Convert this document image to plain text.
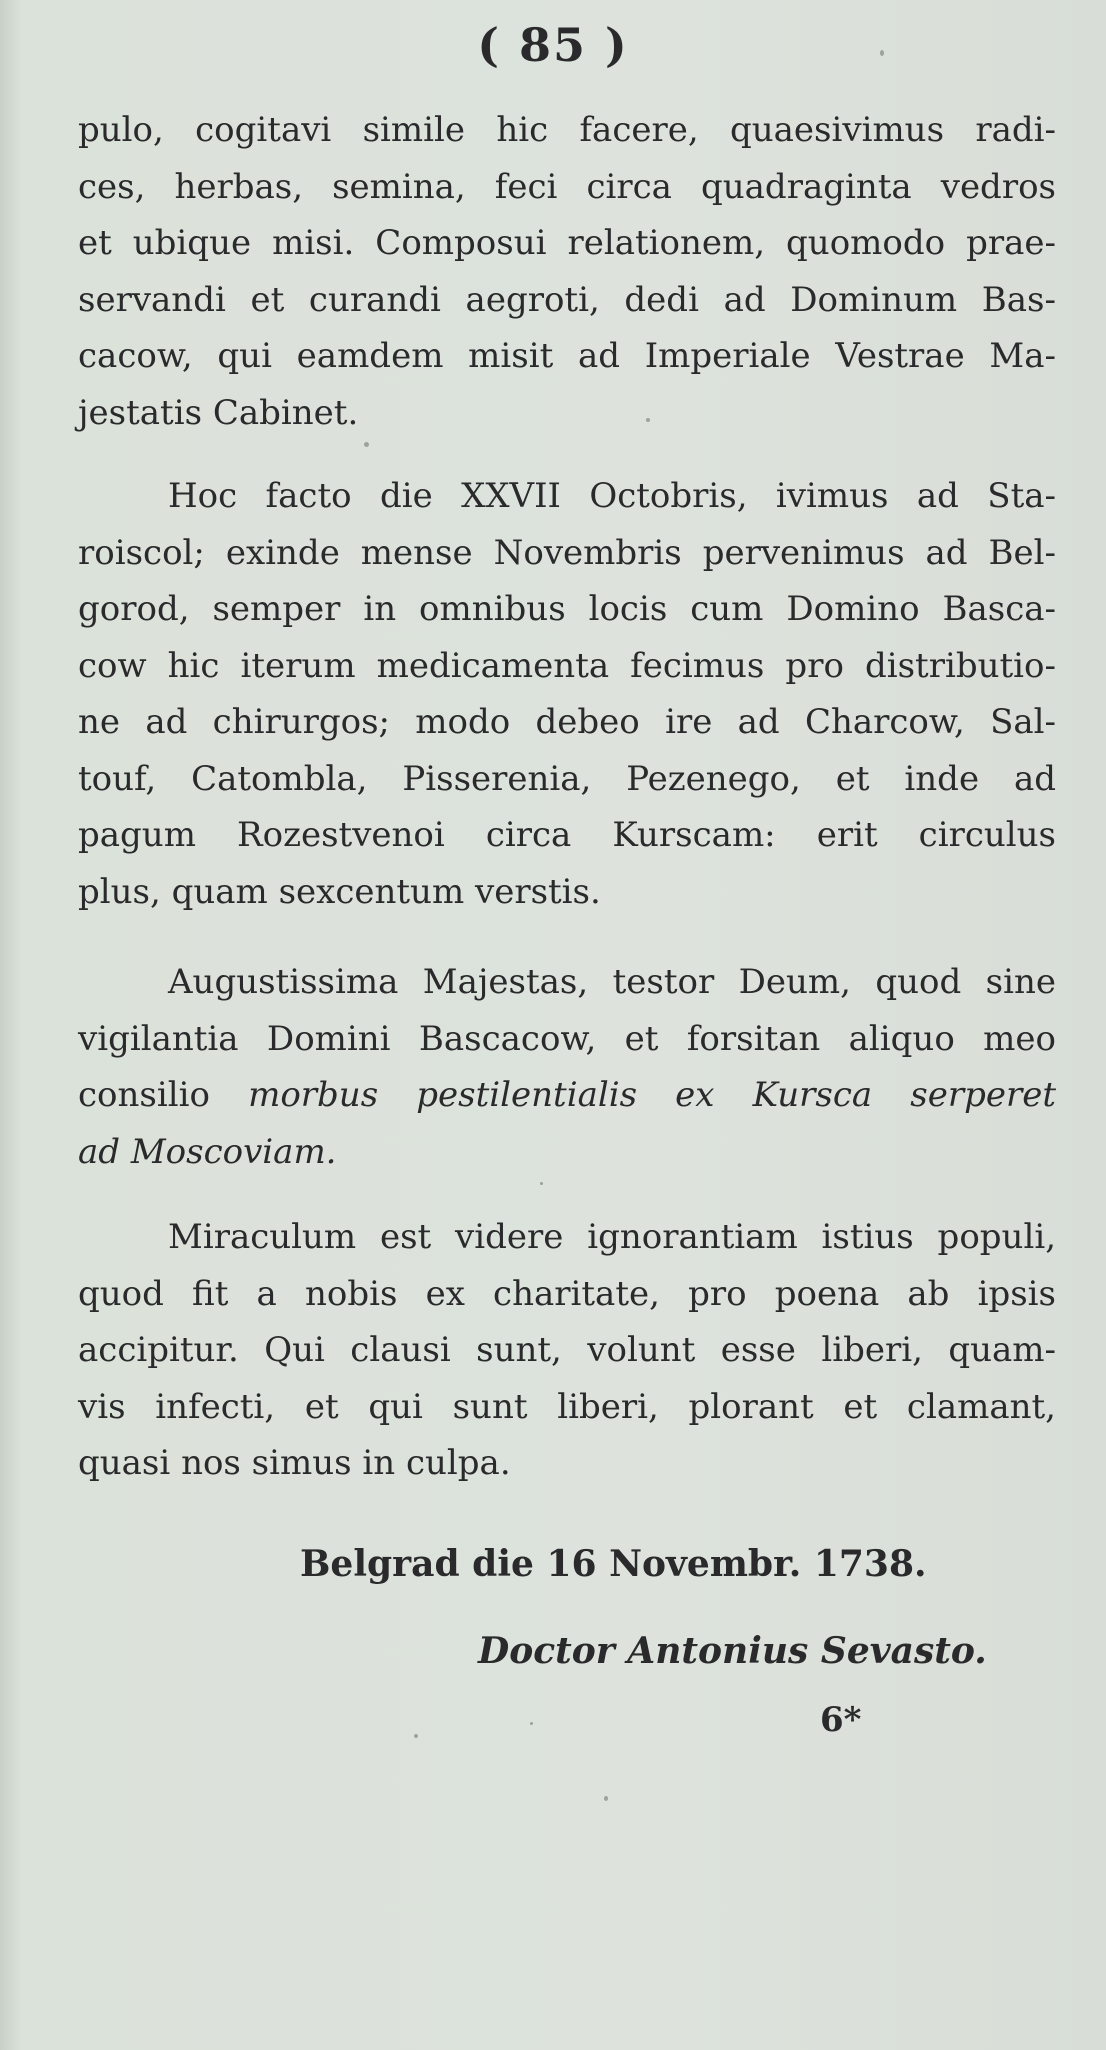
( 85 )
pulo, cogitavi simile hic facere, quaesivimus radi-
ces, herbas, semina, feci circa quadraginta vedros
et ubique misi. Composui relationem, quomodo prae-
servandi et curandi aegroti, dedi ad Dominum Bas-
cacow, qui eamdem misit ad Imperiale Vestrae Ma-
jestatis Cabinet.
Hoc facto die XXVII Octobris, ivimus ad Sta-
roiscol; exinde mense Novembris pervenimus ad Bel-
gorod, semper in omnibus locis cum Domino Basca-
cow hic iterum medicamenta fecimus pro distributio-
ne ad chirurgos; modo debeo ire ad Charcow, Sal-
touf, Catombla, Pisserenia, Pezenego, et inde ad
pagum Rozestvenoi circa Kurscam: erit circulus
plus, quam sexcentum verstis.
Augustissima Majestas, testor Deum, quod sine
vigilantia Domini Bascacow, et forsitan aliquo meo
consilio morbus pestilentialis ex Kursca serperet
ad Moscoviam.
Miraculum est videre ignorantiam istius populi,
quod fit a nobis ex charitate, pro poena ab ipsis
accipitur. Qui clausi sunt, volunt esse liberi, quam-
vis infecti, et qui sunt liberi, plorant et clamant,
quasi nos simus in culpa.
Belgrad die 16 Novembr. 1738.
Doctor Antonius Sevasto.
6*
